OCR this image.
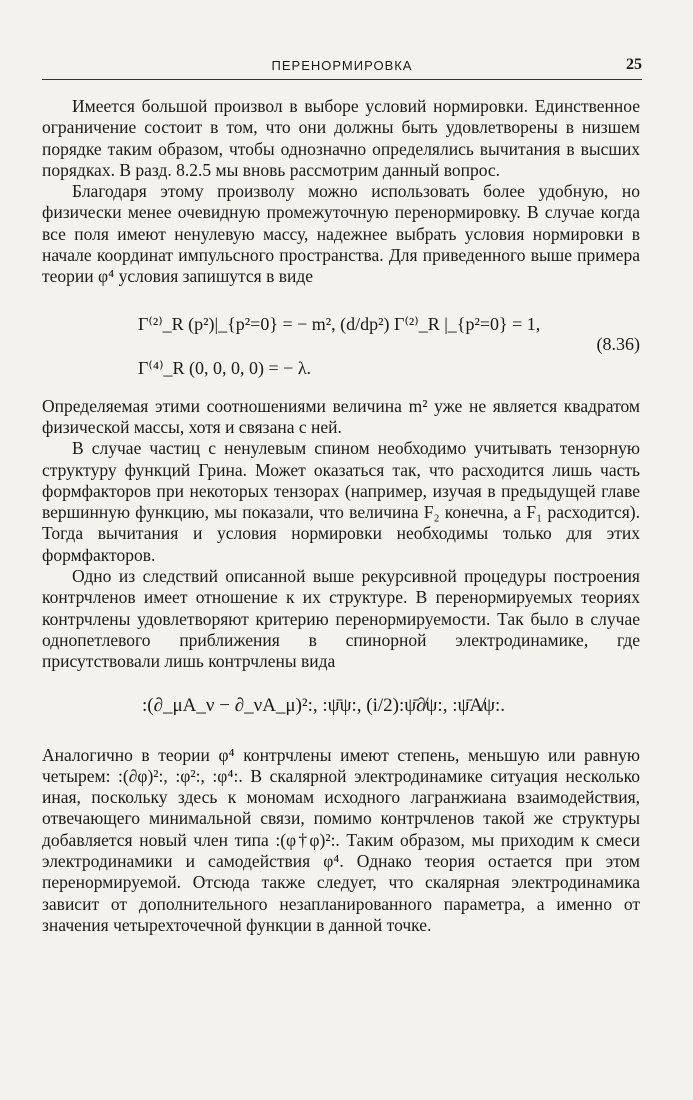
ПЕРЕНОРМИРОВКА	25

Имеется большой произвол в выборе условий нормировки. Единственное ограничение состоит в том, что они должны быть удовлетворены в низшем порядке таким образом, чтобы однозначно определялись вычитания в высших порядках. В разд. 8.2.5 мы вновь рассмотрим данный вопрос.

Благодаря этому произволу можно использовать более удобную, но физически менее очевидную промежуточную перенормировку. В случае когда все поля имеют ненулевую массу, надежнее выбрать условия нормировки в начале координат импульсного пространства. Для приведенного выше примера теории φ⁴ условия запишутся в виде

Γ⁽²⁾_R (p²)|_{p²=0} = − m², (d/dp²) Γ⁽²⁾_R |_{p²=0} = 1,
Γ⁽⁴⁾_R (0, 0, 0, 0) = − λ.
(8.36)

Определяемая этими соотношениями величина m² уже не является квадратом физической массы, хотя и связана с ней.

В случае частиц с ненулевым спином необходимо учитывать тензорную структуру функций Грина. Может оказаться так, что расходится лишь часть формфакторов при некоторых тензорах (например, изучая в предыдущей главе вершинную функцию, мы показали, что величина F₂ конечна, а F₁ расходится). Тогда вычитания и условия нормировки необходимы только для этих формфакторов.

Одно из следствий описанной выше рекурсивной процедуры построения контрчленов имеет отношение к их структуре. В перенормируемых теориях контрчлены удовлетворяют критерию перенормируемости. Так было в случае однопетлевого приближения в спинорной электродинамике, где присутствовали лишь контрчлены вида

:(∂_μA_ν − ∂_νA_μ)²:, :ψ̄ψ:, (i/2):ψ̄∂̸ψ:, :ψ̄A̸ψ:.

Аналогично в теории φ⁴ контрчлены имеют степень, меньшую или равную четырем: :(∂φ)²:, :φ²:, :φ⁴:. В скалярной электродинамике ситуация несколько иная, поскольку здесь к мономам исходного лагранжиана взаимодействия, отвечающего минимальной связи, помимо контрчленов такой же структуры добавляется новый член типа :(φ†φ)²:. Таким образом, мы приходим к смеси электродинамики и самодействия φ⁴. Однако теория остается при этом перенормируемой. Отсюда также следует, что скалярная электродинамика зависит от дополнительного незапланированного параметра, а именно от значения четырехточечной функции в данной точке.
